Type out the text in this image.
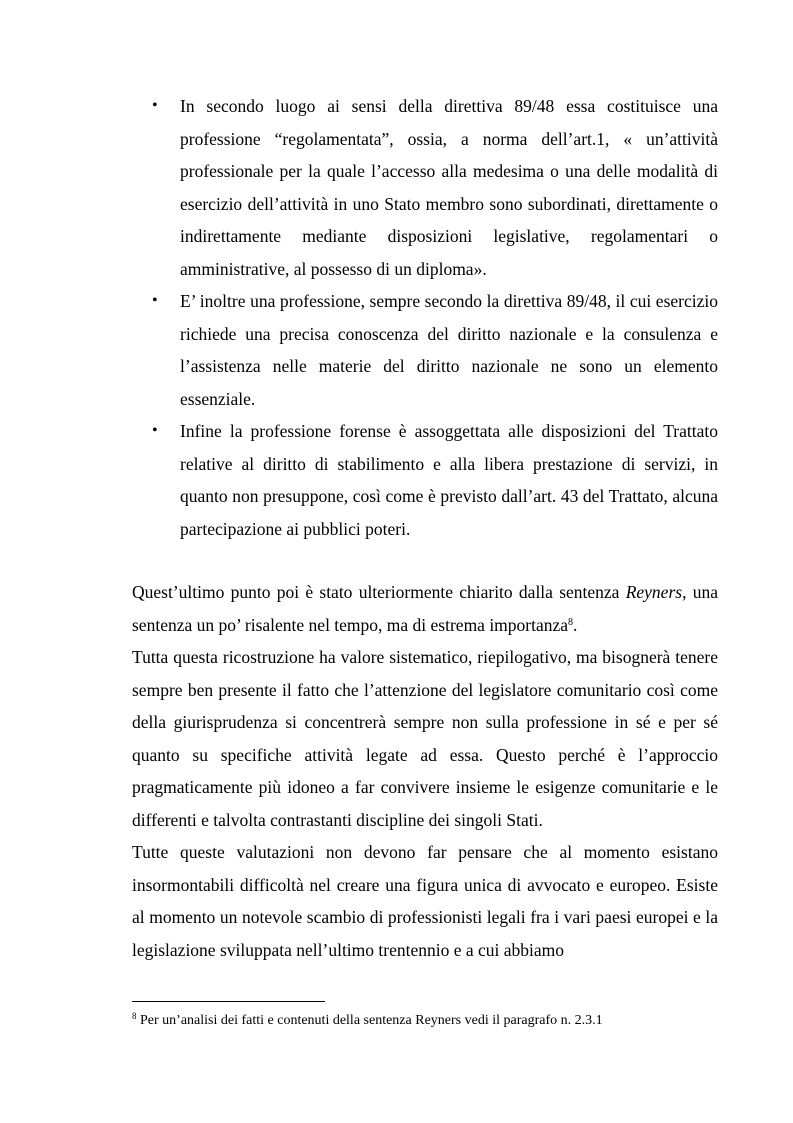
•	In secondo luogo ai sensi della direttiva 89/48 essa costituisce una professione “regolamentata”, ossia, a norma dell’art.1, « un’attività professionale per la quale l’accesso alla medesima o una delle modalità di esercizio dell’attività in uno Stato membro sono subordinati, direttamente o indirettamente mediante disposizioni legislative, regolamentari o amministrative, al possesso di un diploma».
•	E’ inoltre una professione, sempre secondo la direttiva 89/48, il cui esercizio richiede una precisa conoscenza del diritto nazionale e la consulenza e l’assistenza nelle materie del diritto nazionale ne sono un elemento essenziale.
•	Infine la professione forense è assoggettata alle disposizioni del Trattato relative al diritto di stabilimento e alla libera prestazione di servizi, in quanto non presuppone, così come è previsto dall’art. 43 del Trattato, alcuna partecipazione ai pubblici poteri.

Quest’ultimo punto poi è stato ulteriormente chiarito dalla sentenza Reyners, una sentenza un po’ risalente nel tempo, ma di estrema importanza$^8$.

Tutta questa ricostruzione ha valore sistematico, riepilogativo, ma bisognerà tenere sempre ben presente il fatto che l’attenzione del legislatore comunitario così come della giurisprudenza si concentrerà sempre non sulla professione in sé e per sé quanto su specifiche attività legate ad essa. Questo perché è l’approccio pragmaticamente più idoneo a far convivere insieme le esigenze comunitarie e le differenti e talvolta contrastanti discipline dei singoli Stati.

Tutte queste valutazioni non devono far pensare che al momento esistano insormontabili difficoltà nel creare una figura unica di avvocato e europeo. Esiste al momento un notevole scambio di professionisti legali fra i vari paesi europei e la legislazione sviluppata nell’ultimo trentennio e a cui abbiamo

$^8$ Per un’analisi dei fatti e contenuti della sentenza Reyners vedi il paragrafo n. 2.3.1
